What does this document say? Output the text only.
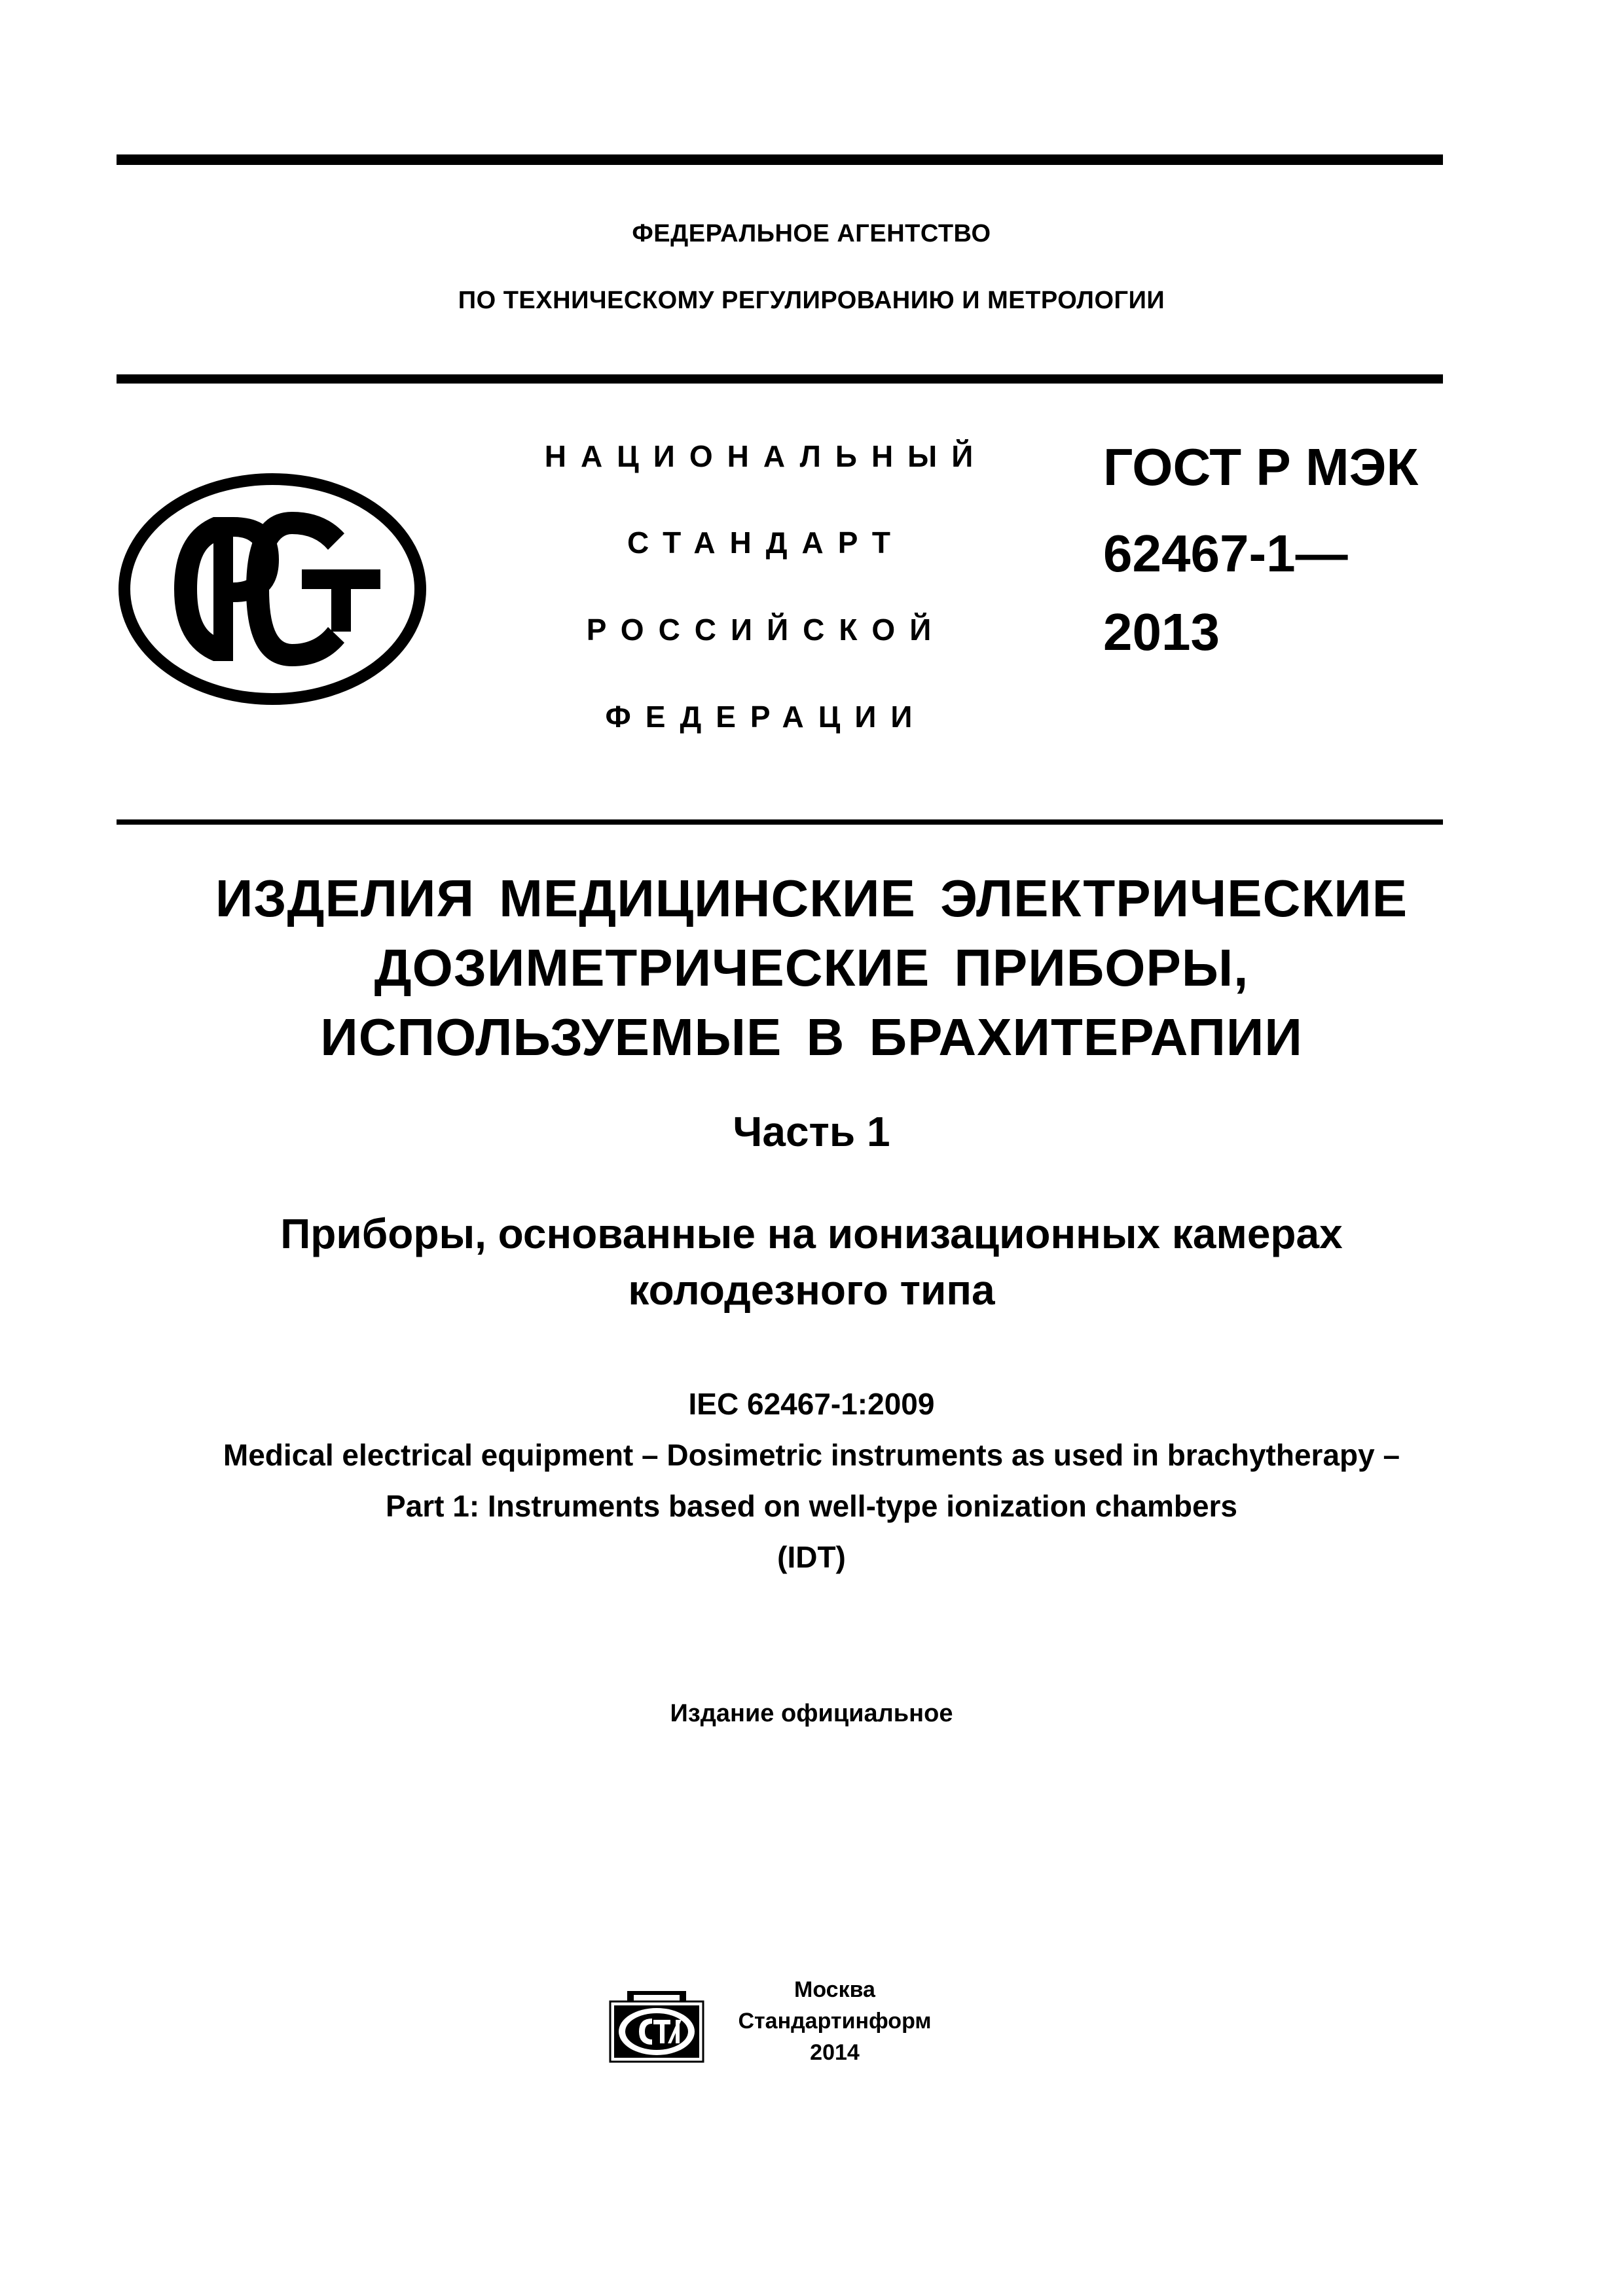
ФЕДЕРАЛЬНОЕ АГЕНТСТВО
ПО ТЕХНИЧЕСКОМУ РЕГУЛИРОВАНИЮ И МЕТРОЛОГИИ
НАЦИОНАЛЬНЫЙ
СТАНДАРТ
РОССИЙСКОЙ
ФЕДЕРАЦИИ
ГОСТ Р МЭК
62467-1—
2013
ИЗДЕЛИЯ МЕДИЦИНСКИЕ ЭЛЕКТРИЧЕСКИЕ
ДОЗИМЕТРИЧЕСКИЕ ПРИБОРЫ,
ИСПОЛЬЗУЕМЫЕ В БРАХИТЕРАПИИ
Часть 1
Приборы, основанные на ионизационных камерах
колодезного типа
IEC 62467-1:2009
Medical electrical equipment – Dosimetric instruments as used in brachytherapy –
Part 1: Instruments based on well-type ionization chambers
(IDT)
Издание официальное
Москва
Стандартинформ
2014
